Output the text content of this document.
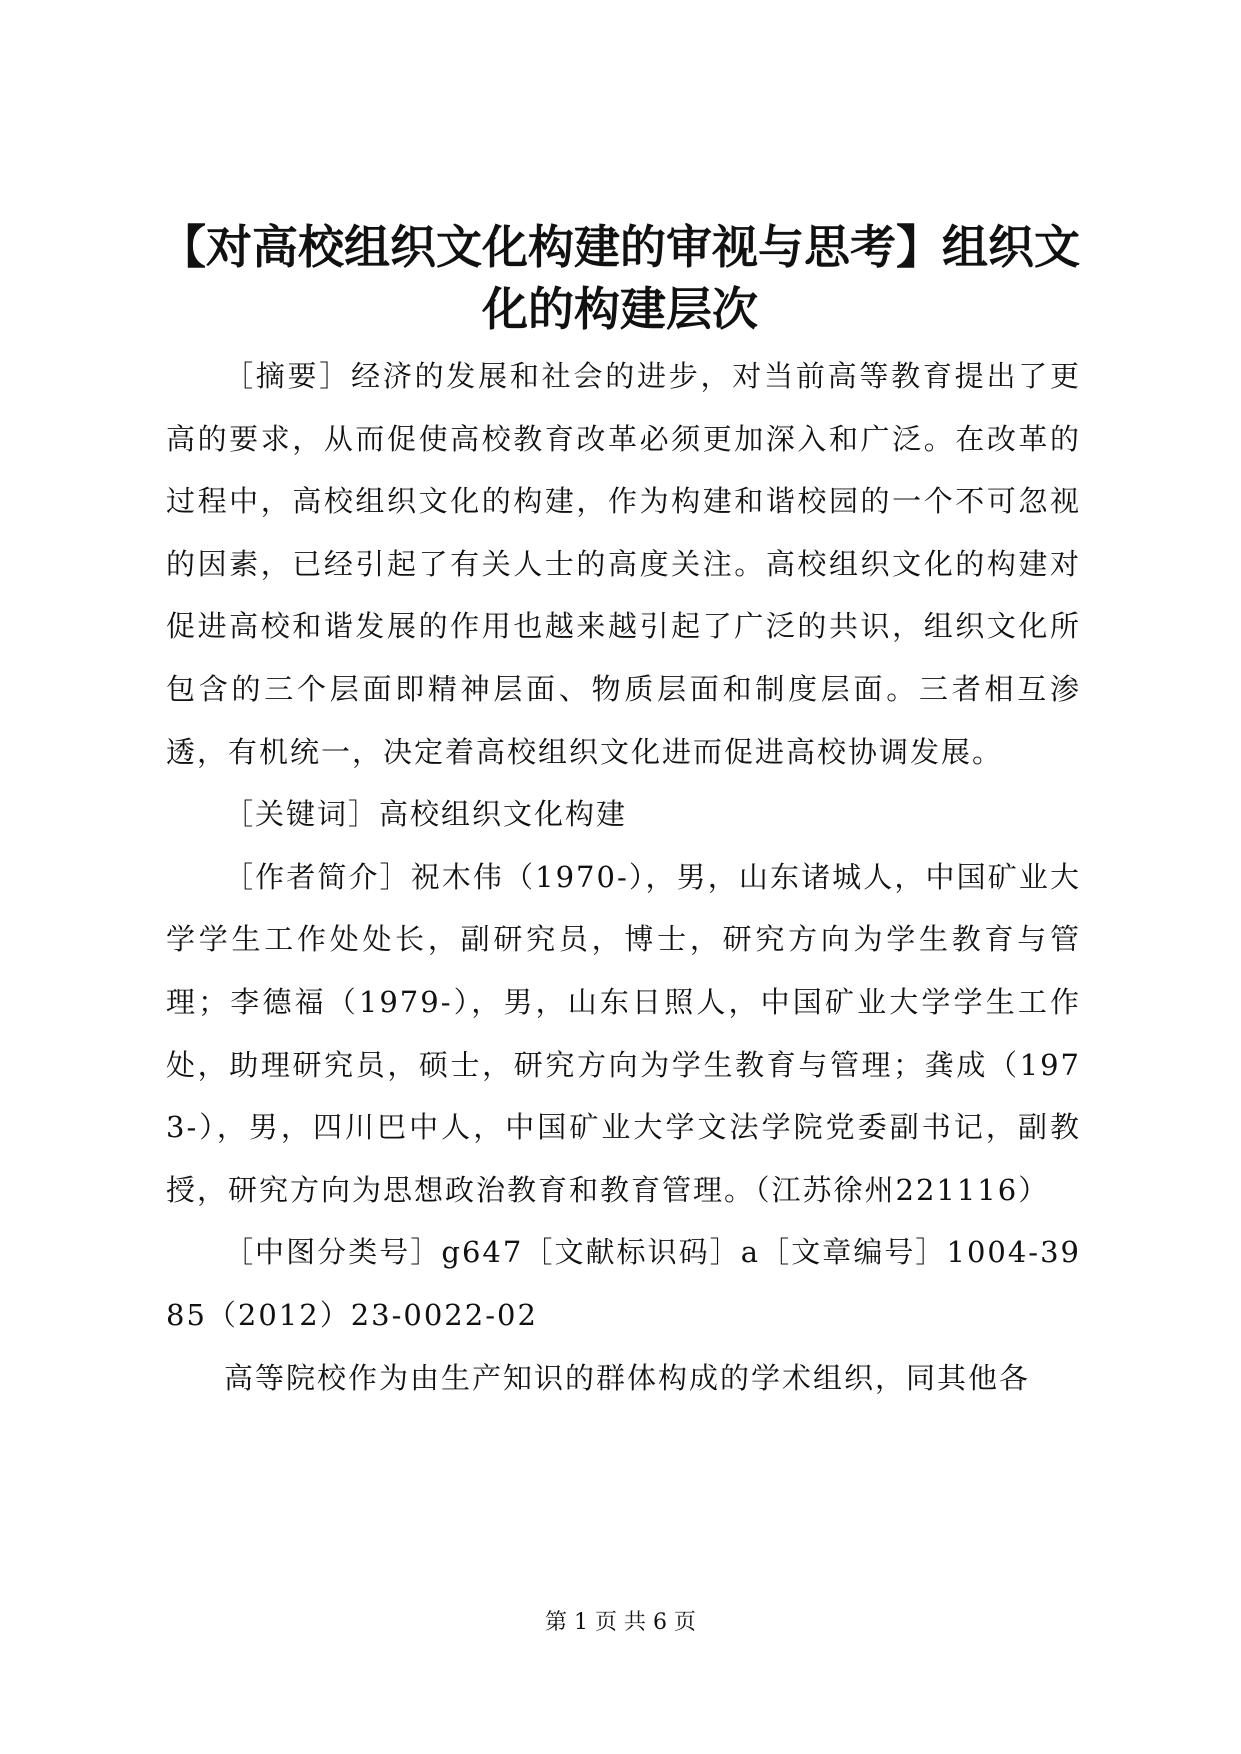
【对高校组织文化构建的审视与思考】组织文化的构建层次

［摘要］经济的发展和社会的进步，对当前高等教育提出了更高的要求，从而促使高校教育改革必须更加深入和广泛。在改革的过程中，高校组织文化的构建，作为构建和谐校园的一个不可忽视的因素，已经引起了有关人士的高度关注。高校组织文化的构建对促进高校和谐发展的作用也越来越引起了广泛的共识，组织文化所包含的三个层面即精神层面、物质层面和制度层面。三者相互渗透，有机统一，决定着高校组织文化进而促进高校协调发展。

［关键词］高校组织文化构建

［作者简介］祝木伟（1970-），男，山东诸城人，中国矿业大学学生工作处处长，副研究员，博士，研究方向为学生教育与管理；李德福（1979-），男，山东日照人，中国矿业大学学生工作处，助理研究员，硕士，研究方向为学生教育与管理；龚成（1973-），男，四川巴中人，中国矿业大学文法学院党委副书记，副教授，研究方向为思想政治教育和教育管理。（江苏徐州221116）

［中图分类号］g647［文献标识码］a［文章编号］1004-3985（2012）23-0022-02

高等院校作为由生产知识的群体构成的学术组织，同其他各

第 1 页 共 6 页
